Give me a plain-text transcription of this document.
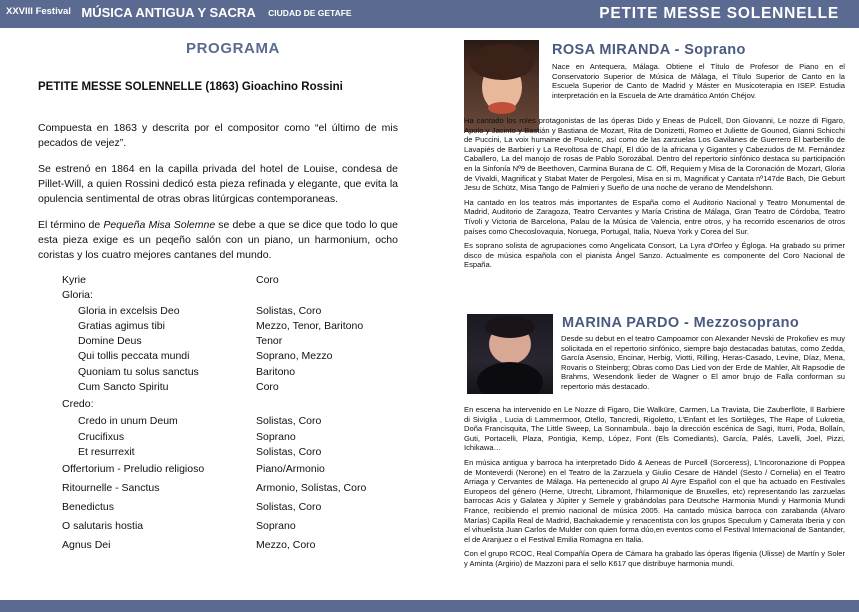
XXVIII Festival MÚSICA ANTIGUA Y SACRA CIUDAD DE GETAFE	PETITE MESSE SOLENNELLE
PROGRAMA
PETITE MESSE SOLENNELLE (1863) Gioachino Rossini
Compuesta en 1863 y descrita por el compositor como “el último de mis pecados de vejez”.
Se estrenó en 1864 en la capilla privada del hotel de Louise, condesa de Pillet-Will, a quien Rossini dedicó esta pieza refinada y elegante, que evita la opulencia sentimental de otras obras litúrgicas contemporaneas.
El término de Pequeña Misa Solemne se debe a que se dice que todo lo que esta pieza exige es un peqeño salón con un piano, un harmonium, ocho coristas y los cuatro mejores cantanes del mundo.
Kyrie	Coro
Gloria:
Gloria in excelsis Deo	Solistas, Coro
Gratias agimus tibi	Mezzo, Tenor, Baritono
Domine Deus	Tenor
Qui tollis peccata mundi	Soprano, Mezzo
Quoniam tu solus sanctus	Baritono
Cum Sancto Spiritu	Coro
Credo:
Credo in unum Deum	Solistas, Coro
Crucifixus	Soprano
Et resurrexit	Solistas, Coro
Offertorium - Preludio religioso	Piano/Armonio
Ritournelle - Sanctus	Armonio, Solistas, Coro
Benedictus	Solistas, Coro
O salutaris hostia	Soprano
Agnus Dei	Mezzo, Coro
ROSA MIRANDA - Soprano

Nace en Antequera, Málaga. Obtiene el Título de Profesor de Piano en el Conservatorio Superior de Música de Málaga, el Título Superior de Canto en la Escuela Superior de Canto de Madrid y Máster en Musicoterapia en ISEP. Estudia interpretación en la Escuela de Arte dramático Antón Chéjov.

Ha cantado los roles protagonistas de las óperas Dido y Eneas de Pulcell, Don Giovanni, Le nozze di Figaro, Apolo y Jacinto y Bastián y Bastiana de Mozart, Rita de Donizetti, Romeo et Juliette de Gounod, Gianni Schicchi de Puccini, La voix humaine de Poulenc, así como de las zarzuelas Los Gavilanes de Guerrero El barberillo de Lavapiés de Barbieri y La Revoltosa de Chapí, El dúo de la africana y Gigantes y Cabezudos de M. Fernández Caballero, La del manojo de rosas de Pablo Sorozábal. Dentro del repertorio sinfónico destaca su participación en la Sinfonía Nº9 de Beethoven, Carmina Burana de C. Off, Requiem y Misa de la Coronación de Mozart, Gloria de Vivaldi, Magnificat y Stabat Mater de Pergolesi, Misa en si m, Magnificat y Cantata nº147de Bach, Die Geburt Jesu de Schütz, Misa Tango de Palmieri y Sueño de una noche de verano de Mendelshonn.

Ha cantado en los teatros más importantes de España como el Auditorio Nacional y Teatro Monumental de Madrid, Auditorio de Zaragoza, Teatro Cervantes y María Cristina de Málaga, Gran Teatro de Córdoba, Teatro Tívoli y Victoria de Barcelona, Palau de la Música de Valencia, entre otros, y ha recorrido escenarios de otros países como Checoslovaquia, Noruega, Portugal, Italia, Nueva York y Corea del Sur.

Es soprano solista de agrupaciones como Angelicata Consort, La Lyra d'Orfeo y Égloga. Ha grabado su primer disco de música española con el pianista Ángel Sanzo. Actualmente es componente del Coro Nacional de España.

MARINA PARDO - Mezzosoprano

Desde su debut en el teatro Campoamor con Alexander Nevski de Prokofiev es muy solicitada en el repertorio sinfónico, siempre bajo destacadas batutas, como Zedda, García Asensio, Encinar, Herbig, Viotti, Rilling, Heras-Casado, Levine, Díaz, Mena, Rovaris o Steinberg; Obras como Das Lied von der Erde de Mahler, Alt Rapsodie de Brahms, Wesendonk lieder de Wagner o El amor brujo de Falla conforman su repertorio más destacado.

En escena ha intervenido en Le Nozze di Figaro, Die Walküre, Carmen, La Traviata, Die Zauberflöte, Il Barbiere di Siviglia , Lucia di Lammermoor, Otello, Tancredi, Rigoletto, L'Enfant et les Sortilèges, The Rape of Lukretia, Doña Francisquita, The Little Sweep, La Sonnambula.. bajo la dirección escénica de Sagi, Iturri, Poda, Bollaín, Guti, Portacelli, Plaza, Pontigia, Kemp, López, Font (Els Comediants), García, Palés, Lavelli, Joel, Pizzi, Ichikawa…

En música antigua y barroca ha interpretado Dido & Aeneas de Purcell (Sorceress), L'Incoronazione di Poppea de Monteverdi (Nerone) en el Teatro de la Zarzuela y Giulio Cesare de Händel (Sesto / Cornelia) en el Teatro Arriaga y Cervantes de Málaga. Ha pertenecido al grupo Al Ayre Español con el que ha actuado en Festivales Europeos del género (Herne, Utrecht, Libramont, l'hilarmonique de Bruxelles, etc) representando las zarzuelas barrocas Acis y Galatea y Júpiter y Semele y grabándolas para Deutsche Harmonia Mundi y Harmonia Mundi France, recibiendo el premio nacional de música 2005. Ha cantado música barroca con zarabanda (Alvaro Marías) Capilla Real de Madrid, Bachakademie y renacentista con los grupos Speculum y Camerata Iberia y con el vihuelista Juan Carlos de Mulder con quien forma dúo,en eventos como el Festival Internacional de Santander, el de Aranjuez o el Festival Emilia Romagna en Italia.

Con el grupo RCOC, Real Compañía Opera de Cámara ha grabado las óperas Ifigenia (Ulisse) de Martín y Soler y Aminta (Argirio) de Mazzoni para el sello K617 que distribuye harmonia mundi.
